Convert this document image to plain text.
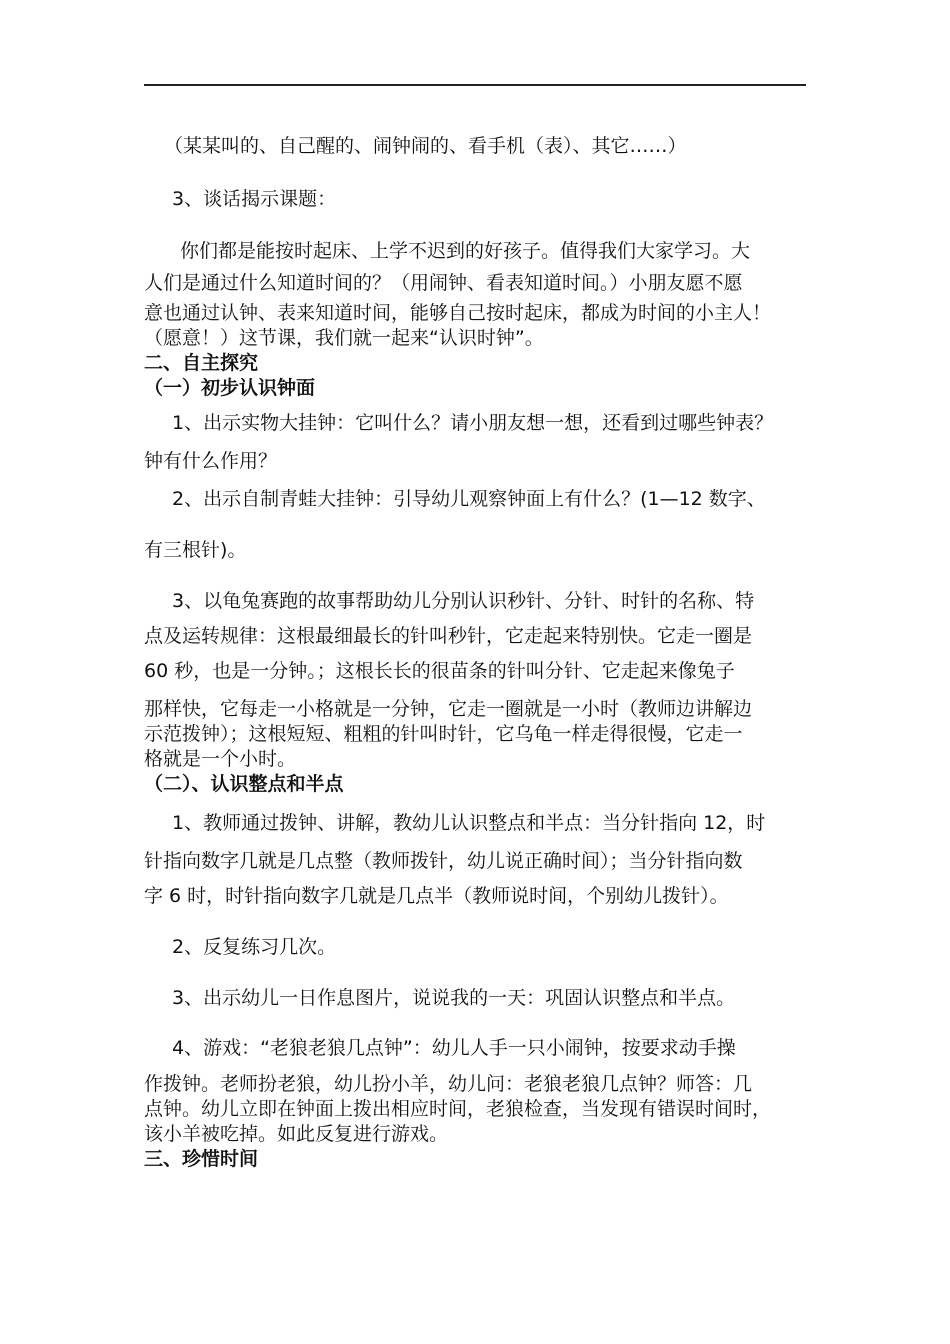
（某某叫的、自己醒的、闹钟闹的、看手机（表）、其它……）
3、谈话揭示课题：
你们都是能按时起床、上学不迟到的好孩子。值得我们大家学习。大
人们是通过什么知道时间的？（用闹钟、看表知道时间。）小朋友愿不愿
意也通过认钟、表来知道时间，能够自己按时起床，都成为时间的小主人！
（愿意！）这节课，我们就一起来“认识时钟”。
二、自主探究
（一）初步认识钟面
1、出示实物大挂钟：它叫什么？请小朋友想一想，还看到过哪些钟表？
钟有什么作用？
2、出示自制青蛙大挂钟：引导幼儿观察钟面上有什么？(1—12 数字、
有三根针)。
3、以龟兔赛跑的故事帮助幼儿分别认识秒针、分针、时针的名称、特
点及运转规律：这根最细最长的针叫秒针，它走起来特别快。它走一圈是
60 秒，也是一分钟。；这根长长的很苗条的针叫分针、它走起来像兔子
那样快，它每走一小格就是一分钟，它走一圈就是一小时（教师边讲解边
示范拨钟）；这根短短、粗粗的针叫时针，它乌龟一样走得很慢，它走一
格就是一个小时。
（二）、认识整点和半点
1、教师通过拨钟、讲解，教幼儿认识整点和半点：当分针指向 12，时
针指向数字几就是几点整（教师拨针，幼儿说正确时间）；当分针指向数
字 6 时，时针指向数字几就是几点半（教师说时间，个别幼儿拨针）。
2、反复练习几次。
3、出示幼儿一日作息图片，说说我的一天：巩固认识整点和半点。
4、游戏：“老狼老狼几点钟”：幼儿人手一只小闹钟，按要求动手操
作拨钟。老师扮老狼，幼儿扮小羊，幼儿问：老狼老狼几点钟？师答：几
点钟。幼儿立即在钟面上拨出相应时间，老狼检查，当发现有错误时间时，
该小羊被吃掉。如此反复进行游戏。
三、珍惜时间
